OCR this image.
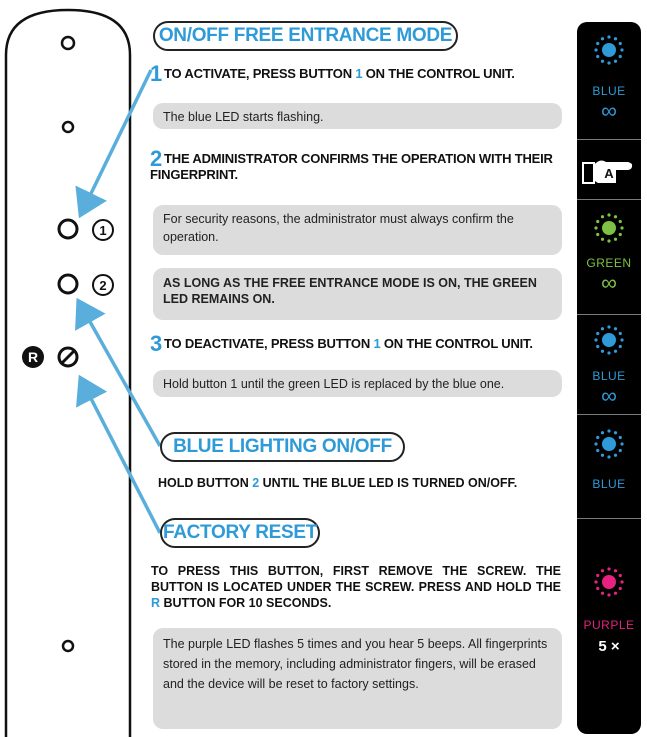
1
2
R
ON/OFF FREE ENTRANCE MODE
1 TO ACTIVATE, PRESS BUTTON 1 ON THE CONTROL UNIT.
The blue LED starts flashing.
2 THE ADMINISTRATOR CONFIRMS THE OPERATION WITH THEIR FINGERPRINT.
For security reasons, the administrator must always confirm the operation.
AS LONG AS THE FREE ENTRANCE MODE IS ON, THE GREEN LED REMAINS ON.
3 TO DEACTIVATE, PRESS BUTTON 1 ON THE CONTROL UNIT.
Hold button 1 until the green LED is replaced by the blue one.
BLUE LIGHTING ON/OFF
HOLD BUTTON 2 UNTIL THE BLUE LED IS TURNED ON/OFF.
FACTORY RESET
TO PRESS THIS BUTTON, FIRST REMOVE THE SCREW. THE BUTTON IS LOCATED UNDER THE SCREW. PRESS AND HOLD THE R BUTTON FOR 10 SECONDS.
The purple LED flashes 5 times and you hear 5 beeps. All fingerprints stored in the memory, including administrator fingers, will be erased and the device will be reset to factory settings.
BLUE
∞
A
GREEN
∞
BLUE
∞
BLUE
PURPLE
5 ×
